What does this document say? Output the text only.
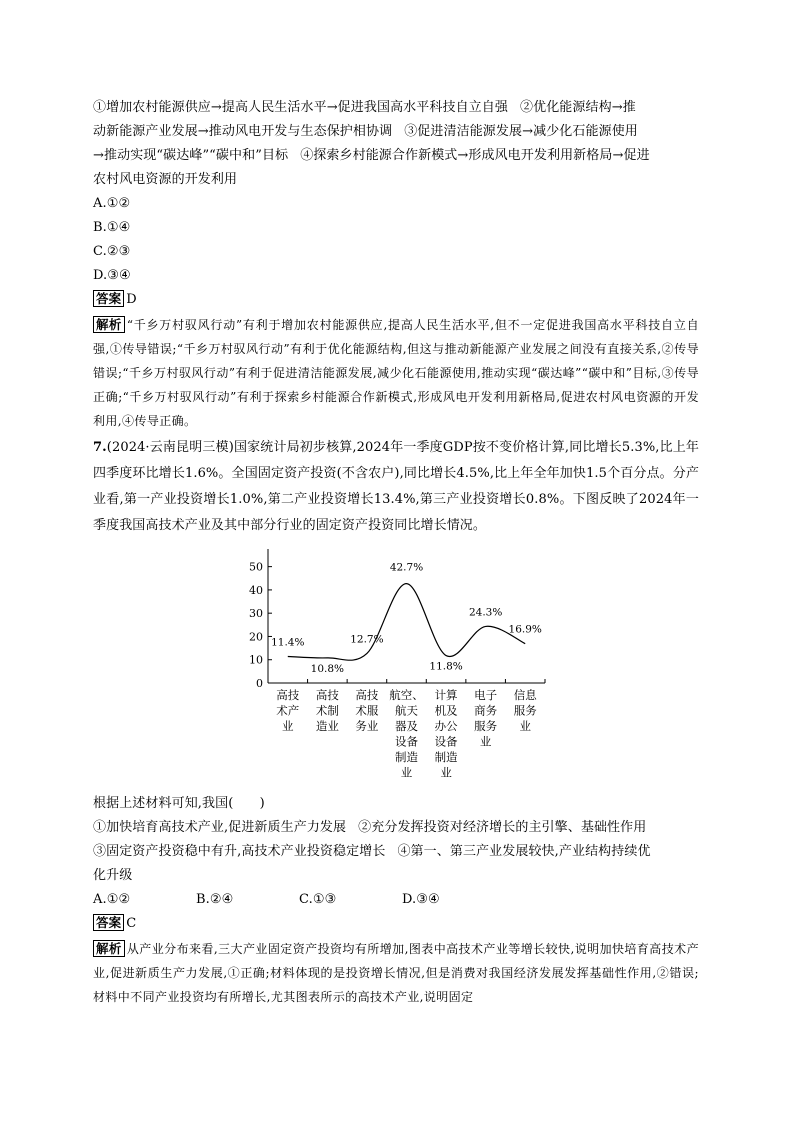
①增加农村能源供应→提高人民生活水平→促进我国高水平科技自立自强 ②优化能源结构→推
动新能源产业发展→推动风电开发与生态保护相协调 ③促进清洁能源发展→减少化石能源使用
→推动实现“碳达峰”“碳中和”目标 ④探索乡村能源合作新模式→形成风电开发利用新格局→促进
农村风电资源的开发利用
A.①②
B.①④
C.②③
D.③④
答案 D
解析 “千乡万村驭风行动”有利于增加农村能源供应,提高人民生活水平,但不一定促进我国高水平科技自立自强,①传导错误;“千乡万村驭风行动”有利于优化能源结构,但这与推动新能源产业发展之间没有直接关系,②传导错误;“千乡万村驭风行动”有利于促进清洁能源发展,减少化石能源使用,推动实现“碳达峰”“碳中和”目标,③传导正确;“千乡万村驭风行动”有利于探索乡村能源合作新模式,形成风电开发利用新格局,促进农村风电资源的开发利用,④传导正确。
7.(2024·云南昆明三模)国家统计局初步核算,2024年一季度GDP按不变价格计算,同比增长5.3%,比上年四季度环比增长1.6%。全国固定资产投资(不含农户),同比增长4.5%,比上年全年加快1.5个百分点。分产业看,第一产业投资增长1.0%,第二产业投资增长13.4%,第三产业投资增长0.8%。下图反映了2024年一季度我国高技术产业及其中部分行业的固定资产投资同比增长情况。
0
10
20
30
40
50
高技
术产
业
高技
术制
造业
高技
术服
务业
航空、
航天
器及
设备
制造
业
计算
机及
办公
设备
制造
业
电子
商务
服务
业
信息
服务
业
11.4%
10.8%
12.7%
42.7%
11.8%
24.3%
16.9%
根据上述材料可知,我国(　　)
①加快培育高技术产业,促进新质生产力发展 ②充分发挥投资对经济增长的主引擎、基础性作用
③固定资产投资稳中有升,高技术产业投资稳定增长 ④第一、第三产业发展较快,产业结构持续优
化升级
A.①②	B.②④	C.①③	D.③④
答案 C
解析 从产业分布来看,三大产业固定资产投资均有所增加,图表中高技术产业等增长较快,说明加快培育高技术产业,促进新质生产力发展,①正确;材料体现的是投资增长情况,但是消费对我国经济发展发挥基础性作用,②错误;材料中不同产业投资均有所增长,尤其图表所示的高技术产业,说明固定
